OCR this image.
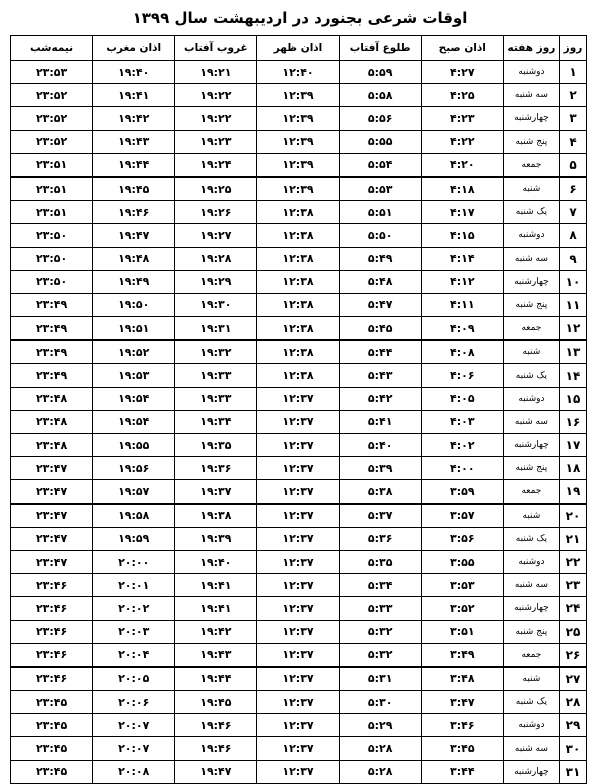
اوقات شرعی بجنورد در اردیبهشت سال ۱۳۹۹
روز	روز هفته	اذان صبح	طلوع آفتاب	اذان ظهر	غروب آفتاب	اذان مغرب	نیمه‌شب
۱	دوشنبه	۴:۲۷	۵:۵۹	۱۲:۴۰	۱۹:۲۱	۱۹:۴۰	۲۳:۵۳
۲	سه شنبه	۴:۲۵	۵:۵۸	۱۲:۳۹	۱۹:۲۲	۱۹:۴۱	۲۳:۵۲
۳	چهارشنبه	۴:۲۳	۵:۵۶	۱۲:۳۹	۱۹:۲۲	۱۹:۴۲	۲۳:۵۲
۴	پنج شنبه	۴:۲۲	۵:۵۵	۱۲:۳۹	۱۹:۲۳	۱۹:۴۳	۲۳:۵۲
۵	جمعه	۴:۲۰	۵:۵۴	۱۲:۳۹	۱۹:۲۴	۱۹:۴۴	۲۳:۵۱
۶	شنبه	۴:۱۸	۵:۵۳	۱۲:۳۹	۱۹:۲۵	۱۹:۴۵	۲۳:۵۱
۷	یک شنبه	۴:۱۷	۵:۵۱	۱۲:۳۸	۱۹:۲۶	۱۹:۴۶	۲۳:۵۱
۸	دوشنبه	۴:۱۵	۵:۵۰	۱۲:۳۸	۱۹:۲۷	۱۹:۴۷	۲۳:۵۰
۹	سه شنبه	۴:۱۴	۵:۴۹	۱۲:۳۸	۱۹:۲۸	۱۹:۴۸	۲۳:۵۰
۱۰	چهارشنبه	۴:۱۲	۵:۴۸	۱۲:۳۸	۱۹:۲۹	۱۹:۴۹	۲۳:۵۰
۱۱	پنج شنبه	۴:۱۱	۵:۴۷	۱۲:۳۸	۱۹:۳۰	۱۹:۵۰	۲۳:۴۹
۱۲	جمعه	۴:۰۹	۵:۴۵	۱۲:۳۸	۱۹:۳۱	۱۹:۵۱	۲۳:۴۹
۱۳	شنبه	۴:۰۸	۵:۴۴	۱۲:۳۸	۱۹:۳۲	۱۹:۵۲	۲۳:۴۹
۱۴	یک شنبه	۴:۰۶	۵:۴۳	۱۲:۳۸	۱۹:۳۳	۱۹:۵۳	۲۳:۴۹
۱۵	دوشنبه	۴:۰۵	۵:۴۲	۱۲:۳۷	۱۹:۳۳	۱۹:۵۴	۲۳:۴۸
۱۶	سه شنبه	۴:۰۳	۵:۴۱	۱۲:۳۷	۱۹:۳۴	۱۹:۵۴	۲۳:۴۸
۱۷	چهارشنبه	۴:۰۲	۵:۴۰	۱۲:۳۷	۱۹:۳۵	۱۹:۵۵	۲۳:۴۸
۱۸	پنج شنبه	۴:۰۰	۵:۳۹	۱۲:۳۷	۱۹:۳۶	۱۹:۵۶	۲۳:۴۷
۱۹	جمعه	۳:۵۹	۵:۳۸	۱۲:۳۷	۱۹:۳۷	۱۹:۵۷	۲۳:۴۷
۲۰	شنبه	۳:۵۷	۵:۳۷	۱۲:۳۷	۱۹:۳۸	۱۹:۵۸	۲۳:۴۷
۲۱	یک شنبه	۳:۵۶	۵:۳۶	۱۲:۳۷	۱۹:۳۹	۱۹:۵۹	۲۳:۴۷
۲۲	دوشنبه	۳:۵۵	۵:۳۵	۱۲:۳۷	۱۹:۴۰	۲۰:۰۰	۲۳:۴۷
۲۳	سه شنبه	۳:۵۳	۵:۳۴	۱۲:۳۷	۱۹:۴۱	۲۰:۰۱	۲۳:۴۶
۲۴	چهارشنبه	۳:۵۲	۵:۳۳	۱۲:۳۷	۱۹:۴۱	۲۰:۰۲	۲۳:۴۶
۲۵	پنج شنبه	۳:۵۱	۵:۳۲	۱۲:۳۷	۱۹:۴۲	۲۰:۰۳	۲۳:۴۶
۲۶	جمعه	۳:۴۹	۵:۳۲	۱۲:۳۷	۱۹:۴۳	۲۰:۰۴	۲۳:۴۶
۲۷	شنبه	۳:۴۸	۵:۳۱	۱۲:۳۷	۱۹:۴۴	۲۰:۰۵	۲۳:۴۶
۲۸	یک شنبه	۳:۴۷	۵:۳۰	۱۲:۳۷	۱۹:۴۵	۲۰:۰۶	۲۳:۴۵
۲۹	دوشنبه	۳:۴۶	۵:۲۹	۱۲:۳۷	۱۹:۴۶	۲۰:۰۷	۲۳:۴۵
۳۰	سه شنبه	۳:۴۵	۵:۲۸	۱۲:۳۷	۱۹:۴۶	۲۰:۰۷	۲۳:۴۵
۳۱	چهارشنبه	۳:۴۴	۵:۲۸	۱۲:۳۷	۱۹:۴۷	۲۰:۰۸	۲۳:۴۵
